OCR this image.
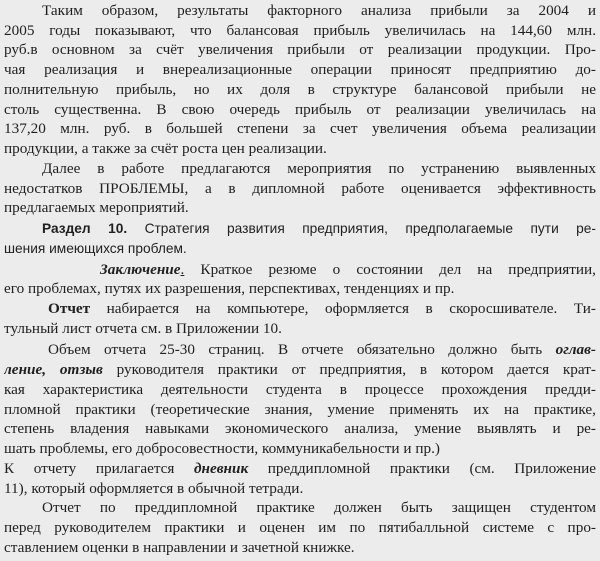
Таким образом, результаты факторного анализа прибыли за 2004 и
2005 годы показывают, что балансовая прибыль увеличилась на 144,60 млн.
руб.в основном за счёт увеличения прибыли от реализации продукции. Про-
чая реализация и внереализационные операции приносят предприятию до-
полнительную прибыль, но их доля в структуре балансовой прибыли не
столь существенна. В свою очередь прибыль от реализации увеличилась на
137,20 млн. руб. в большей степени за счет увеличения объема реализации
продукции, а также за счёт роста цен реализации.
Далее в работе предлагаются мероприятия по устранению выявленных
недостатков ПРОБЛЕМЫ, а в дипломной работе оценивается эффективность
предлагаемых мероприятий.
Раздел 10. Стратегия развития предприятия, предполагаемые пути ре-
шения имеющихся проблем.
Заключение. Краткое резюме о состоянии дел на предприятии,
его проблемах, путях их разрешения, перспективах, тенденциях и пр.
Отчет набирается на компьютере, оформляется в скоросшивателе. Ти-
тульный лист отчета см. в Приложении 10.
Объем отчета 25-30 страниц. В отчете обязательно должно быть оглав-
ление, отзыв руководителя практики от предприятия, в котором дается крат-
кая характеристика деятельности студента в процессе прохождения предди-
пломной практики (теоретические знания, умение применять их на практике,
степень владения навыками экономического анализа, умение выявлять и ре-
шать проблемы, его добросовестности, коммуникабельности и пр.)
К отчету прилагается дневник преддипломной практики (см. Приложение
11), который оформляется в обычной тетради.
Отчет по преддипломной практике должен быть защищен студентом
перед руководителем практики и оценен им по пятибалльной системе с про-
ставлением оценки в направлении и зачетной книжке.
